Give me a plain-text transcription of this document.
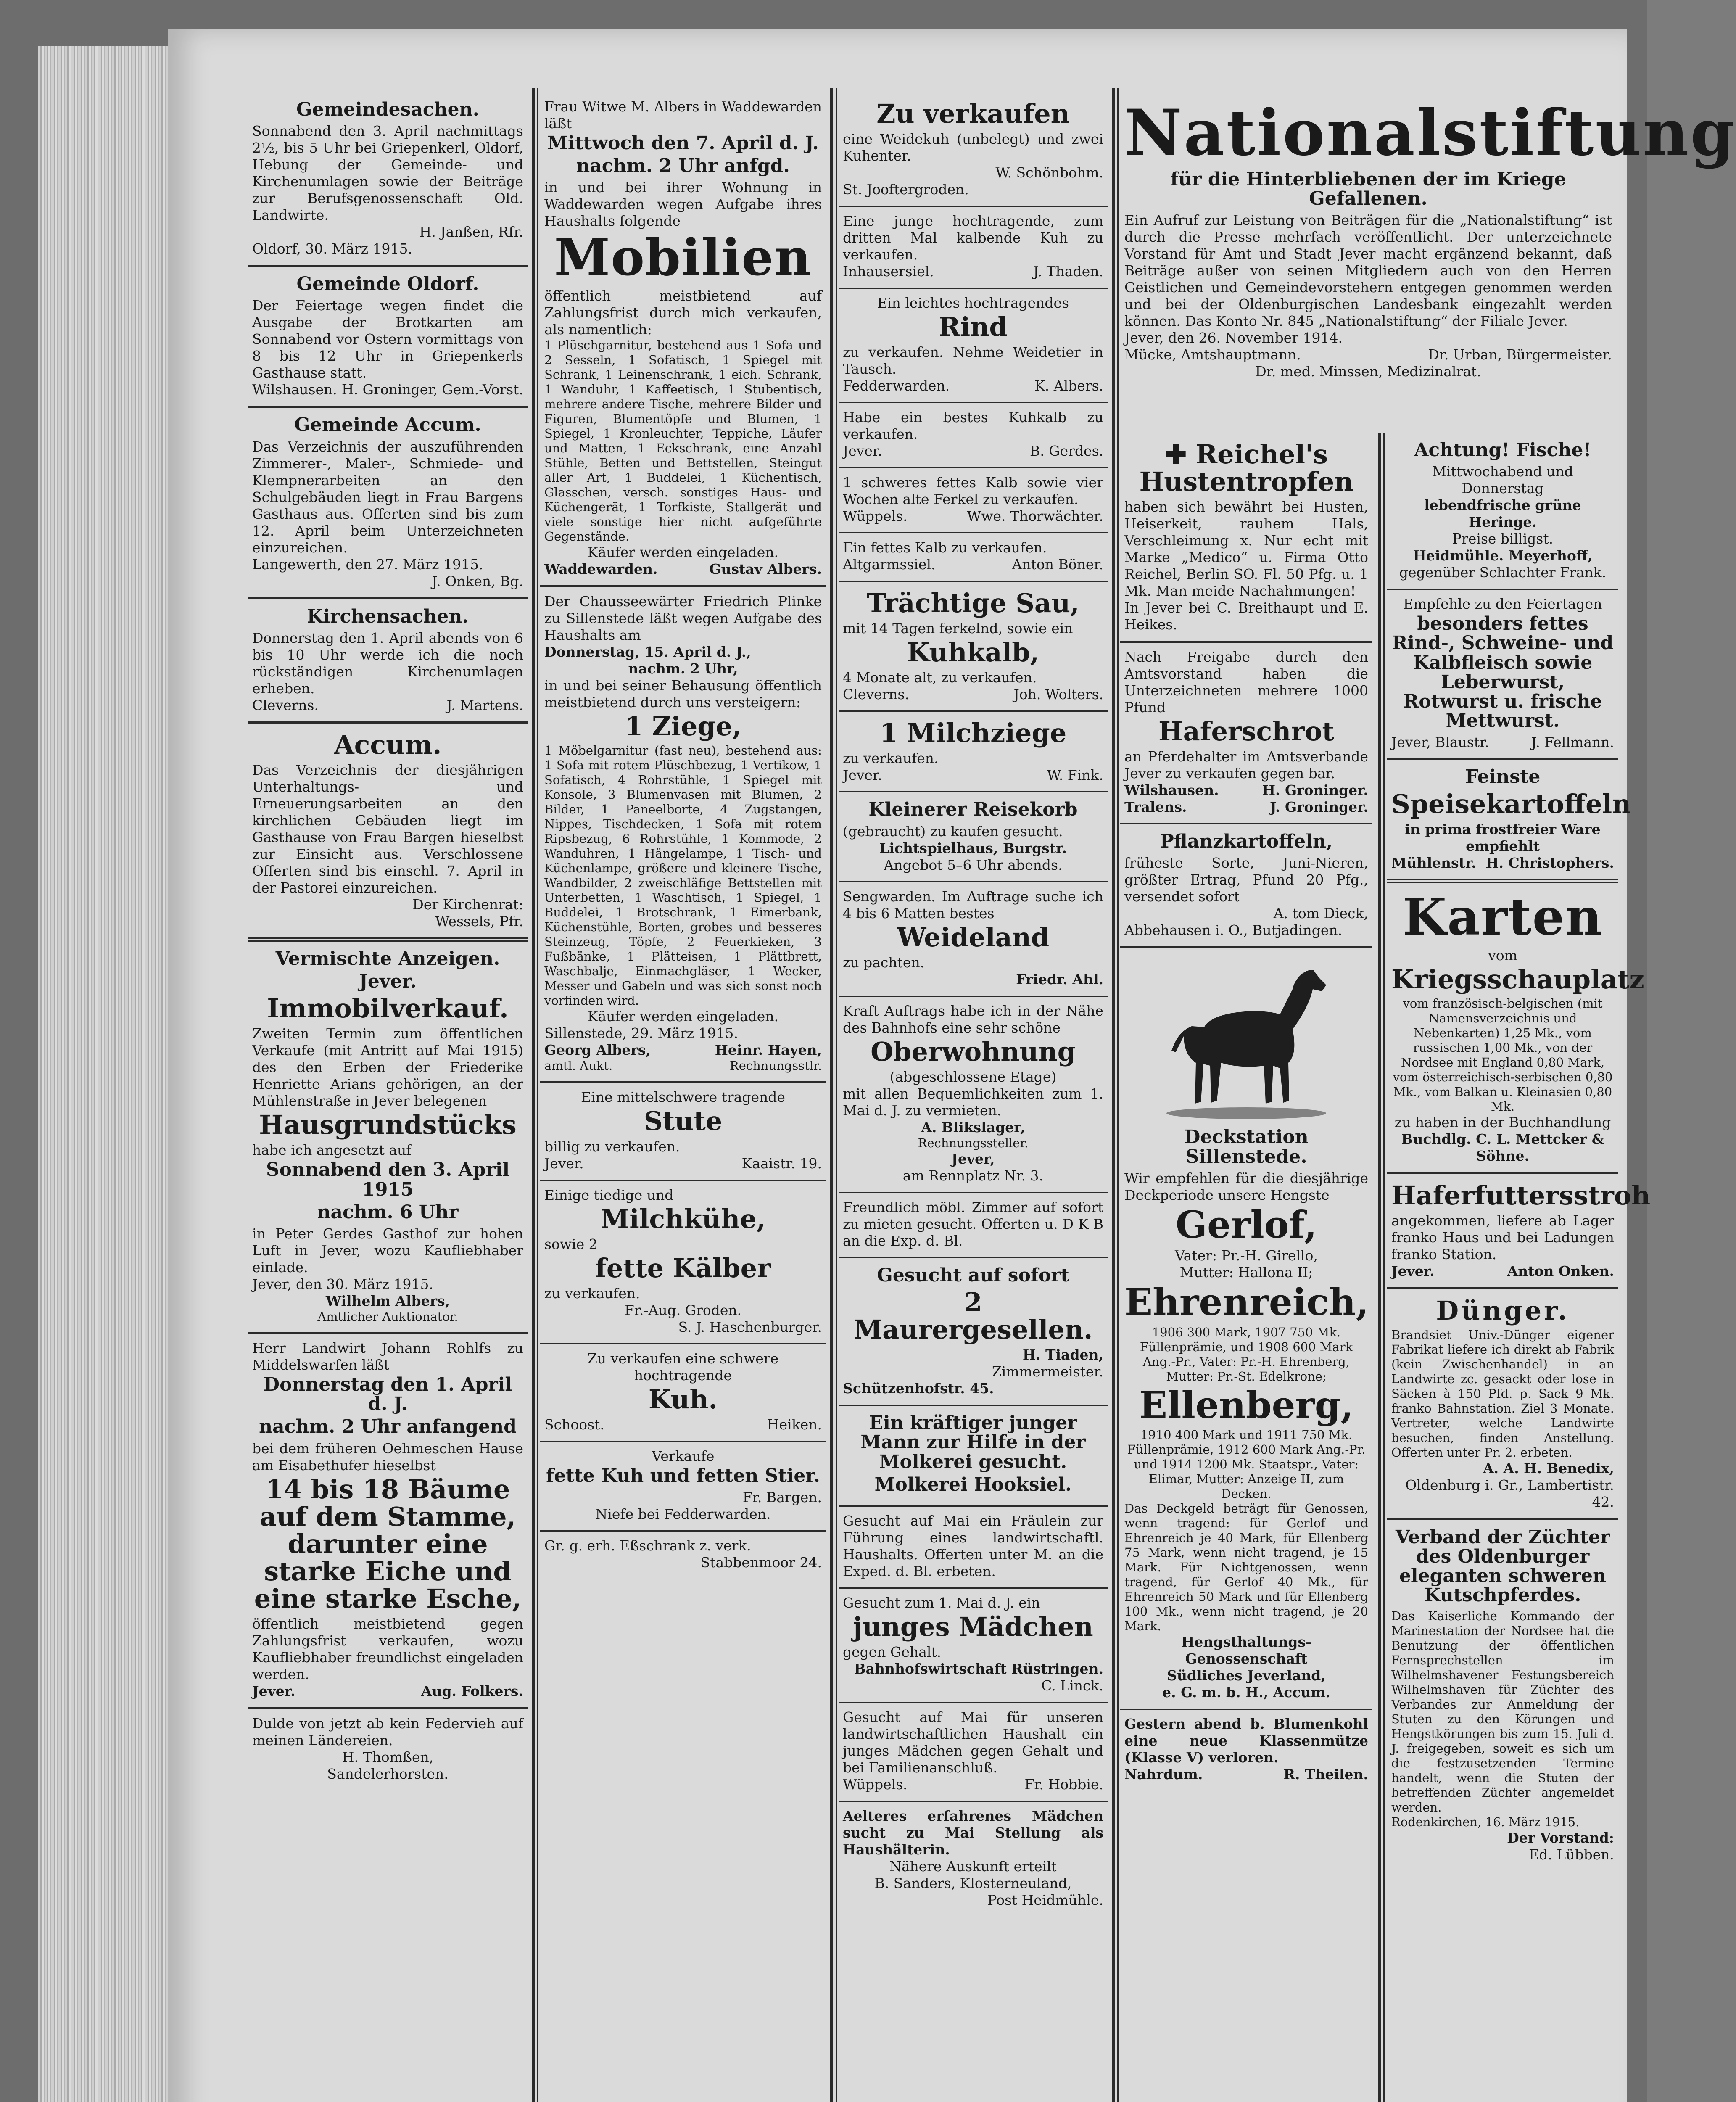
Gemeindesachen.

Sonnabend den 3. April nachmittags 2½, bis 5 Uhr bei Griepenkerl, Oldorf, Hebung der Gemeinde- und Kirchenumlagen sowie der Beiträge zur Berufsgenossenschaft Old. Landwirte.

H. Janßen, Rfr.

Oldorf, 30. März 1915.

Gemeinde Oldorf.

Der Feiertage wegen findet die Ausgabe der Brotkarten am Sonnabend vor Ostern vormittags von 8 bis 12 Uhr in Griepenkerls Gasthause statt.

Wilshausen. H. Groninger, Gem.-Vorst.
Gemeinde Accum.

Das Verzeichnis der auszuführenden Zimmerer-, Maler-, Schmiede- und Klempnerarbeiten an den Schulgebäuden liegt in Frau Bargens Gasthaus aus. Offerten sind bis zum 12. April beim Unterzeichneten einzureichen.

Langewerth, den 27. März 1915.

J. Onken, Bg.

Kirchensachen.

Donnerstag den 1. April abends von 6 bis 10 Uhr werde ich die noch rückständigen Kirchenumlagen erheben.

Cleverns.	J. Martens.
Accum.

Das Verzeichnis der diesjährigen Unterhaltungs- und Erneuerungsarbeiten an den kirchlichen Gebäuden liegt im Gasthause von Frau Bargen hieselbst zur Einsicht aus. Verschlossene Offerten sind bis einschl. 7. April in der Pastorei einzureichen.

Der Kirchenrat:

Wessels, Pfr.

Vermischte Anzeigen.
Jever.
Immobilverkauf.

Zweiten Termin zum öffentlichen Verkaufe (mit Antritt auf Mai 1915) des den Erben der Friederike Henriette Arians gehörigen, an der Mühlenstraße in Jever belegenen

Hausgrundstücks

habe ich angesetzt auf

Sonnabend den 3. April 1915
nachm. 6 Uhr

in Peter Gerdes Gasthof zur hohen Luft in Jever, wozu Kaufliebhaber einlade.

Jever, den 30. März 1915.

Wilhelm Albers,

Amtlicher Auktionator.

Herr Landwirt Johann Rohlfs zu Middelswarfen läßt

Donnerstag den 1. April d. J.
nachm. 2 Uhr anfangend

bei dem früheren Oehmeschen Hause am Eisabethufer hieselbst

14 bis 18 Bäume auf dem Stamme, darunter eine starke Eiche und eine starke Esche,

öffentlich meistbietend gegen Zahlungsfrist verkaufen, wozu Kaufliebhaber freundlichst eingeladen werden.

Jever.	Aug. Folkers.

Dulde von jetzt ab kein Federvieh auf meinen Ländereien.

H. Thomßen,

Sandelerhorsten.

Frau Witwe M. Albers in Waddewarden läßt

Mittwoch den 7. April d. J.
nachm. 2 Uhr anfgd.

in und bei ihrer Wohnung in Waddewarden wegen Aufgabe ihres Haushalts folgende

Mobilien

öffentlich meistbietend auf Zahlungsfrist durch mich verkaufen, als namentlich:

1 Plüschgarnitur, bestehend aus 1 Sofa und 2 Sesseln, 1 Sofatisch, 1 Spiegel mit Schrank, 1 Leinenschrank, 1 eich. Schrank, 1 Wanduhr, 1 Kaffeetisch, 1 Stubentisch, mehrere andere Tische, mehrere Bilder und Figuren, Blumentöpfe und Blumen, 1 Spiegel, 1 Kronleuchter, Teppiche, Läufer und Matten, 1 Eckschrank, eine Anzahl Stühle, Betten und Bettstellen, Steingut aller Art, 1 Buddelei, 1 Küchentisch, Glasschen, versch. sonstiges Haus- und Küchengerät, 1 Torfkiste, Stallgerät und viele sonstige hier nicht aufgeführte Gegenstände.

Käufer werden eingeladen.

Waddewarden.	Gustav Albers.

Der Chausseewärter Friedrich Plinke zu Sillenstede läßt wegen Aufgabe des Haushalts am

Donnerstag, 15. April d. J.,

nachm. 2 Uhr,

in und bei seiner Behausung öffentlich meistbietend durch uns versteigern:

1 Ziege,

1 Möbelgarnitur (fast neu), bestehend aus: 1 Sofa mit rotem Plüschbezug, 1 Vertikow, 1 Sofatisch, 4 Rohrstühle, 1 Spiegel mit Konsole, 3 Blumenvasen mit Blumen, 2 Bilder, 1 Paneelborte, 4 Zugstangen, Nippes, Tischdecken, 1 Sofa mit rotem Ripsbezug, 6 Rohrstühle, 1 Kommode, 2 Wanduhren, 1 Hängelampe, 1 Tisch- und Küchenlampe, größere und kleinere Tische, Wandbilder, 2 zweischläfige Bettstellen mit Unterbetten, 1 Waschtisch, 1 Spiegel, 1 Buddelei, 1 Brotschrank, 1 Eimerbank, Küchenstühle, Borten, grobes und besseres Steinzeug, Töpfe, 2 Feuerkieken, 3 Fußbänke, 1 Plätteisen, 1 Plättbrett, Waschbalje, Einmachgläser, 1 Wecker, Messer und Gabeln und was sich sonst noch vorfinden wird.

Käufer werden eingeladen.

Sillenstede, 29. März 1915.

Georg Albers,	Heinr. Hayen,
amtl. Aukt.	Rechnungsstlr.

Eine mittelschwere tragende

Stute

billig zu verkaufen.

Jever.	Kaaistr. 19.

Einige tiedige und

Milchkühe,

sowie 2

fette Kälber

zu verkaufen.

Fr.-Aug. Groden.

S. J. Haschenburger.

Zu verkaufen eine schwere hochtragende

Kuh.
Schoost.	Heiken.

Verkaufe

fette Kuh und fetten Stier.

Fr. Bargen.

Niefe bei Fedderwarden.

Gr. g. erh. Eßschrank z. verk.

Stabbenmoor 24.

Zu verkaufen

eine Weidekuh (unbelegt) und zwei Kuhenter.

W. Schönbohm.

St. Jooftergroden.

Eine junge hochtragende, zum dritten Mal kalbende Kuh zu verkaufen.

Inhausersiel.	J. Thaden.

Ein leichtes hochtragendes

Rind

zu verkaufen. Nehme Weidetier in Tausch.

Fedderwarden.	K. Albers.

Habe ein bestes Kuhkalb zu verkaufen.

Jever.	B. Gerdes.

1 schweres fettes Kalb sowie vier Wochen alte Ferkel zu verkaufen.

Wüppels.	Wwe. Thorwächter.

Ein fettes Kalb zu verkaufen.

Altgarmssiel.	Anton Böner.
Trächtige Sau,

mit 14 Tagen ferkelnd, sowie ein

Kuhkalb,

4 Monate alt, zu verkaufen.

Cleverns.	Joh. Wolters.
1 Milchziege

zu verkaufen.

Jever.	W. Fink.
Kleinerer Reisekorb

(gebraucht) zu kaufen gesucht.

Lichtspielhaus, Burgstr.

Angebot 5–6 Uhr abends.

Sengwarden. Im Auftrage suche ich 4 bis 6 Matten bestes

Weideland

zu pachten.

Friedr. Ahl.

Kraft Auftrags habe ich in der Nähe des Bahnhofs eine sehr schöne

Oberwohnung

(abgeschlossene Etage)

mit allen Bequemlichkeiten zum 1. Mai d. J. zu vermieten.

A. Blikslager,

Rechnungssteller.

Jever,

am Rennplatz Nr. 3.

Freundlich möbl. Zimmer auf sofort zu mieten gesucht. Offerten u. D K B an die Exp. d. Bl.

Gesucht auf sofort
2 Maurergesellen.

H. Tiaden,

Zimmermeister.

Schützenhofstr. 45.

Ein kräftiger junger Mann zur Hilfe in der Molkerei gesucht.
Molkerei Hooksiel.

Gesucht auf Mai ein Fräulein zur Führung eines landwirtschaftl. Haushalts. Offerten unter M. an die Exped. d. Bl. erbeten.

Gesucht zum 1. Mai d. J. ein

junges Mädchen

gegen Gehalt.

Bahnhofswirtschaft Rüstringen.

C. Linck.

Gesucht auf Mai für unseren landwirtschaftlichen Haushalt ein junges Mädchen gegen Gehalt und bei Familienanschluß.

Wüppels.	Fr. Hobbie.

Aelteres erfahrenes Mädchen sucht zu Mai Stellung als Haushälterin.

Nähere Auskunft erteilt

B. Sanders, Klosterneuland,

Post Heidmühle.

Nationalstiftung
für die Hinterbliebenen der im Kriege Gefallenen.

Ein Aufruf zur Leistung von Beiträgen für die „Nationalstiftung“ ist durch die Presse mehrfach veröffentlicht. Der unterzeichnete Vorstand für Amt und Stadt Jever macht ergänzend bekannt, daß Beiträge außer von seinen Mitgliedern auch von den Herren Geistlichen und Gemeindevorstehern entgegen genommen werden und bei der Oldenburgischen Landesbank eingezahlt werden können. Das Konto Nr. 845 „Nationalstiftung“ der Filiale Jever.

Jever, den 26. November 1914.

Mücke, Amtshauptmann.	Dr. Urban, Bürgermeister.

Dr. med. Minssen, Medizinalrat.

✚ Reichel's Hustentropfen

haben sich bewährt bei Husten, Heiserkeit, rauhem Hals, Verschleimung x. Nur echt mit Marke „Medico“ u. Firma Otto Reichel, Berlin SO. Fl. 50 Pfg. u. 1 Mk. Man meide Nachahmungen!

In Jever bei C. Breithaupt und E. Heikes.

Nach Freigabe durch den Amtsvorstand haben die Unterzeichneten mehrere 1000 Pfund

Haferschrot

an Pferdehalter im Amtsverbande Jever zu verkaufen gegen bar.

Wilshausen.	H. Groninger.
Tralens.	J. Groninger.
Pflanzkartoffeln,

früheste Sorte, Juni-Nieren, größter Ertrag, Pfund 20 Pfg., versendet sofort

A. tom Dieck,

Abbehausen i. O., Butjadingen.

Deckstation Sillenstede.

Wir empfehlen für die diesjährige Deckperiode unsere Hengste

Gerlof,

Vater: Pr.-H. Girello,

Mutter: Hallona II;

Ehrenreich,

1906 300 Mark, 1907 750 Mk. Füllenprämie, und 1908 600 Mark Ang.-Pr., Vater: Pr.-H. Ehrenberg, Mutter: Pr.-St. Edelkrone;

Ellenberg,

1910 400 Mark und 1911 750 Mk. Füllenprämie, 1912 600 Mark Ang.-Pr. und 1914 1200 Mk. Staatspr., Vater: Elimar, Mutter: Anzeige II, zum Decken.

Das Deckgeld beträgt für Genossen, wenn tragend: für Gerlof und Ehrenreich je 40 Mark, für Ellenberg 75 Mark, wenn nicht tragend, je 15 Mark. Für Nichtgenossen, wenn tragend, für Gerlof 40 Mk., für Ehrenreich 50 Mark und für Ellenberg 100 Mk., wenn nicht tragend, je 20 Mark.

Hengsthaltungs-Genossenschaft

Südliches Jeverland,

e. G. m. b. H., Accum.

Gestern abend b. Blumenkohl eine neue Klassenmütze (Klasse V) verloren.

Nahrdum.	R. Theilen.
Achtung! Fische!

Mittwochabend und Donnerstag

lebendfrische grüne Heringe.

Preise billigst.

Heidmühle. Meyerhoff,

gegenüber Schlachter Frank.

Empfehle zu den Feiertagen

besonders fettes Rind-, Schweine- und Kalbfleisch sowie Leberwurst, Rotwurst u. frische Mettwurst.
Jever, Blaustr.	J. Fellmann.
Feinste
Speisekartoffeln

in prima frostfreier Ware empfiehlt

Mühlenstr. H. Christophers.
Karten

vom

Kriegsschauplatz

vom französisch-belgischen (mit Namensverzeichnis und Nebenkarten) 1,25 Mk., vom russischen 1,00 Mk., von der Nordsee mit England 0,80 Mark, vom österreichisch-serbischen 0,80 Mk., vom Balkan u. Kleinasien 0,80 Mk.

zu haben in der Buchhandlung

Buchdlg. C. L. Mettcker & Söhne.

Haferfuttersstroh

angekommen, liefere ab Lager franko Haus und bei Ladungen franko Station.

Jever.	Anton Onken.
Dünger.

Brandsiet Univ.-Dünger eigener Fabrikat liefere ich direkt ab Fabrik (kein Zwischenhandel) in an Landwirte zc. gesackt oder lose in Säcken à 150 Pfd. p. Sack 9 Mk. franko Bahnstation. Ziel 3 Monate. Vertreter, welche Landwirte besuchen, finden Anstellung. Offerten unter Pr. 2. erbeten.

A. A. H. Benedix,

Oldenburg i. Gr., Lambertistr. 42.

Verband der Züchter des Oldenburger eleganten schweren Kutschpferdes.

Das Kaiserliche Kommando der Marinestation der Nordsee hat die Benutzung der öffentlichen Fernsprechstellen im Wilhelmshavener Festungsbereich Wilhelmshaven für Züchter des Verbandes zur Anmeldung der Stuten zu den Körungen und Hengstkörungen bis zum 15. Juli d. J. freigegeben, soweit es sich um die festzusetzenden Termine handelt, wenn die Stuten der betreffenden Züchter angemeldet werden.

Rodenkirchen, 16. März 1915.

Der Vorstand:

Ed. Lübben.
